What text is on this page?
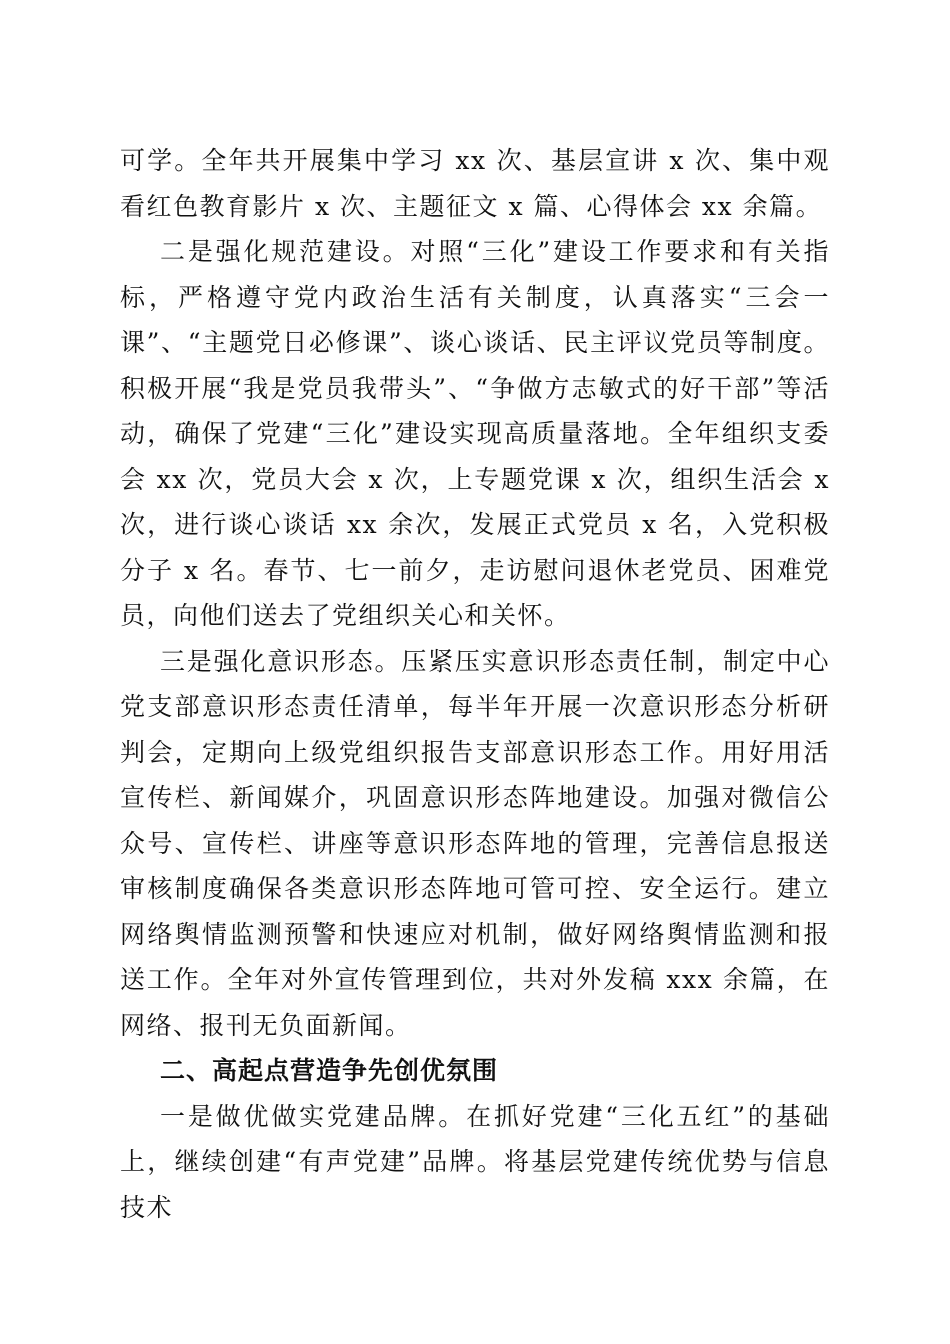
可学。全年共开展集中学习 xx 次、基层宣讲 x 次、集中观看红色教育影片 x 次、主题征文 x 篇、心得体会 xx 余篇。

二是强化规范建设。对照“三化”建设工作要求和有关指标，严格遵守党内政治生活有关制度，认真落实“三会一课”、“主题党日必修课”、谈心谈话、民主评议党员等制度。积极开展“我是党员我带头”、“争做方志敏式的好干部”等活动，确保了党建“三化”建设实现高质量落地。全年组织支委会 xx 次，党员大会 x 次，上专题党课 x 次，组织生活会 x 次，进行谈心谈话 xx 余次，发展正式党员 x 名，入党积极分子 x 名。春节、七一前夕，走访慰问退休老党员、困难党员，向他们送去了党组织关心和关怀。

三是强化意识形态。压紧压实意识形态责任制，制定中心党支部意识形态责任清单，每半年开展一次意识形态分析研判会，定期向上级党组织报告支部意识形态工作。用好用活宣传栏、新闻媒介，巩固意识形态阵地建设。加强对微信公众号、宣传栏、讲座等意识形态阵地的管理，完善信息报送审核制度确保各类意识形态阵地可管可控、安全运行。建立网络舆情监测预警和快速应对机制，做好网络舆情监测和报送工作。全年对外宣传管理到位，共对外发稿 xxx 余篇，在网络、报刊无负面新闻。

二、高起点营造争先创优氛围

一是做优做实党建品牌。在抓好党建“三化五红”的基础上，继续创建“有声党建”品牌。将基层党建传统优势与信息技术
